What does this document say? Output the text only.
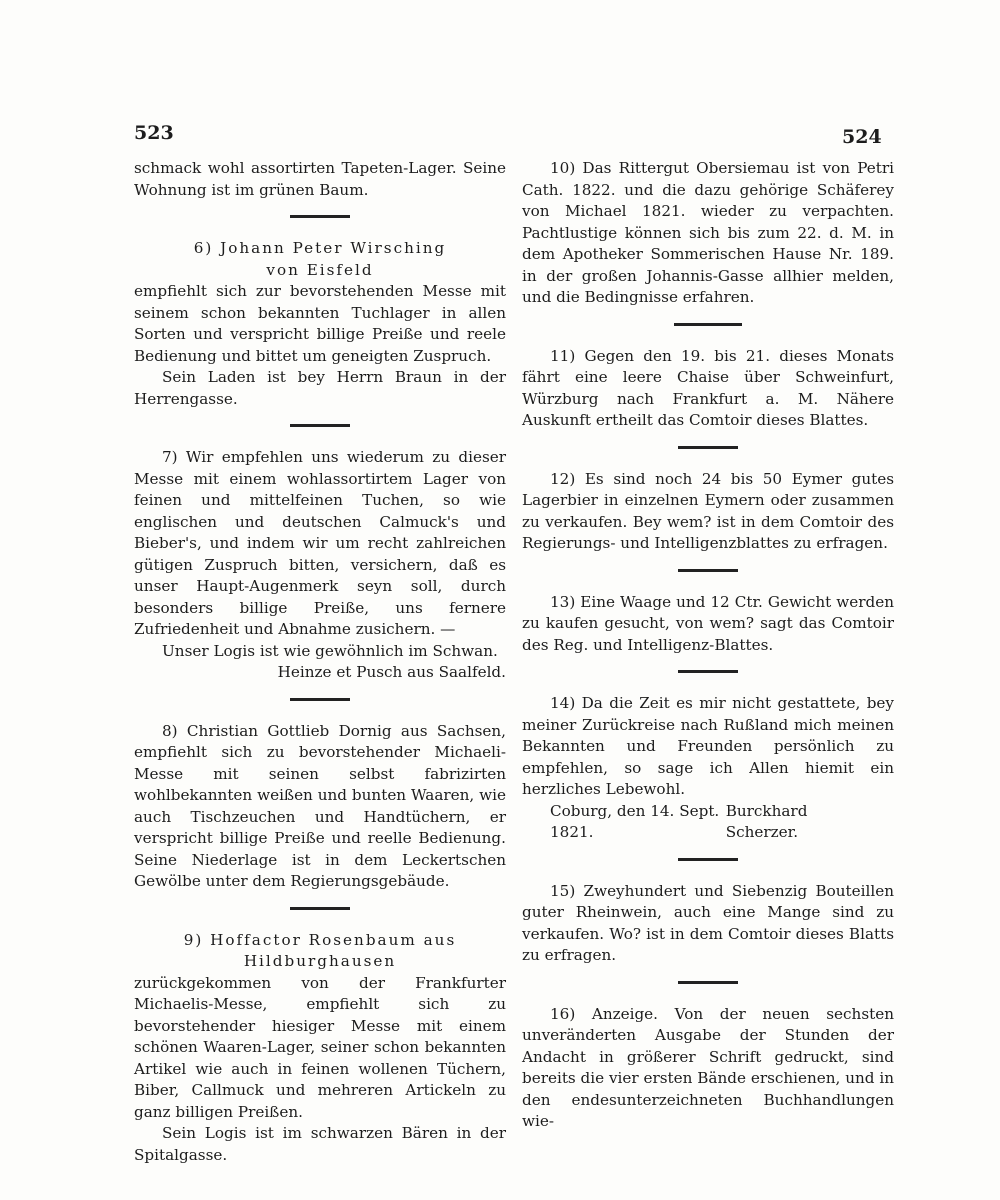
523	524

schmack wohl assortirten Tapeten-Lager. Seine Wohnung ist im grünen Baum.

6) Johann Peter Wirsching

von Eisfeld

empfiehlt sich zur bevorstehenden Messe mit seinem schon bekannten Tuchlager in allen Sorten und verspricht billige Preiße und reele Bedienung und bittet um geneigten Zuspruch.

Sein Laden ist bey Herrn Braun in der Herrengasse.

7) Wir empfehlen uns wiederum zu dieser Messe mit einem wohlassortirtem Lager von feinen und mittelfeinen Tuchen, so wie englischen und deutschen Calmuck's und Bieber's, und indem wir um recht zahlreichen gütigen Zuspruch bitten, versichern, daß es unser Haupt-Augenmerk seyn soll, durch besonders billige Preiße, uns fernere Zufriedenheit und Abnahme zusichern. —

Unser Logis ist wie gewöhnlich im Schwan.

Heinze et Pusch aus Saalfeld.

8) Christian Gottlieb Dornig aus Sachsen, empfiehlt sich zu bevorstehender Michaeli-Messe mit seinen selbst fabrizirten wohlbekannten weißen und bunten Waaren, wie auch Tischzeuchen und Handtüchern, er verspricht billige Preiße und reelle Bedienung. Seine Niederlage ist in dem Leckertschen Gewölbe unter dem Regierungsgebäude.

9) Hoffactor Rosenbaum aus

Hildburghausen

zurückgekommen von der Frankfurter Michaelis-Messe, empfiehlt sich zu bevorstehender hiesiger Messe mit einem schönen Waaren-Lager, seiner schon bekannten Artikel wie auch in feinen wollenen Tüchern, Biber, Callmuck und mehreren Artickeln zu ganz billigen Preißen.

Sein Logis ist im schwarzen Bären in der Spitalgasse.

10) Das Rittergut Obersiemau ist von Petri Cath. 1822. und die dazu gehörige Schäferey von Michael 1821. wieder zu verpachten. Pachtlustige können sich bis zum 22. d. M. in dem Apotheker Sommerischen Hause Nr. 189. in der großen Johannis-Gasse allhier melden, und die Bedingnisse erfahren.

11) Gegen den 19. bis 21. dieses Monats fährt eine leere Chaise über Schweinfurt, Würzburg nach Frankfurt a. M. Nähere Auskunft ertheilt das Comtoir dieses Blattes.

12) Es sind noch 24 bis 50 Eymer gutes Lagerbier in einzelnen Eymern oder zusammen zu verkaufen. Bey wem? ist in dem Comtoir des Regierungs- und Intelligenzblattes zu erfragen.

13) Eine Waage und 12 Ctr. Gewicht werden zu kaufen gesucht, von wem? sagt das Comtoir des Reg. und Intelligenz-Blattes.

14) Da die Zeit es mir nicht gestattete, bey meiner Zurückreise nach Rußland mich meinen Bekannten und Freunden persönlich zu empfehlen, so sage ich Allen hiemit ein herzliches Lebewohl.

Coburg, den 14. Sept. 1821.
Burckhard Scherzer.

15) Zweyhundert und Siebenzig Bouteillen guter Rheinwein, auch eine Mange sind zu verkaufen. Wo? ist in dem Comtoir dieses Blatts zu erfragen.

16) Anzeige. Von der neuen sechsten unveränderten Ausgabe der Stunden der Andacht in größerer Schrift gedruckt, sind bereits die vier ersten Bände erschienen, und in den endesunterzeichneten Buchhandlungen wie-
